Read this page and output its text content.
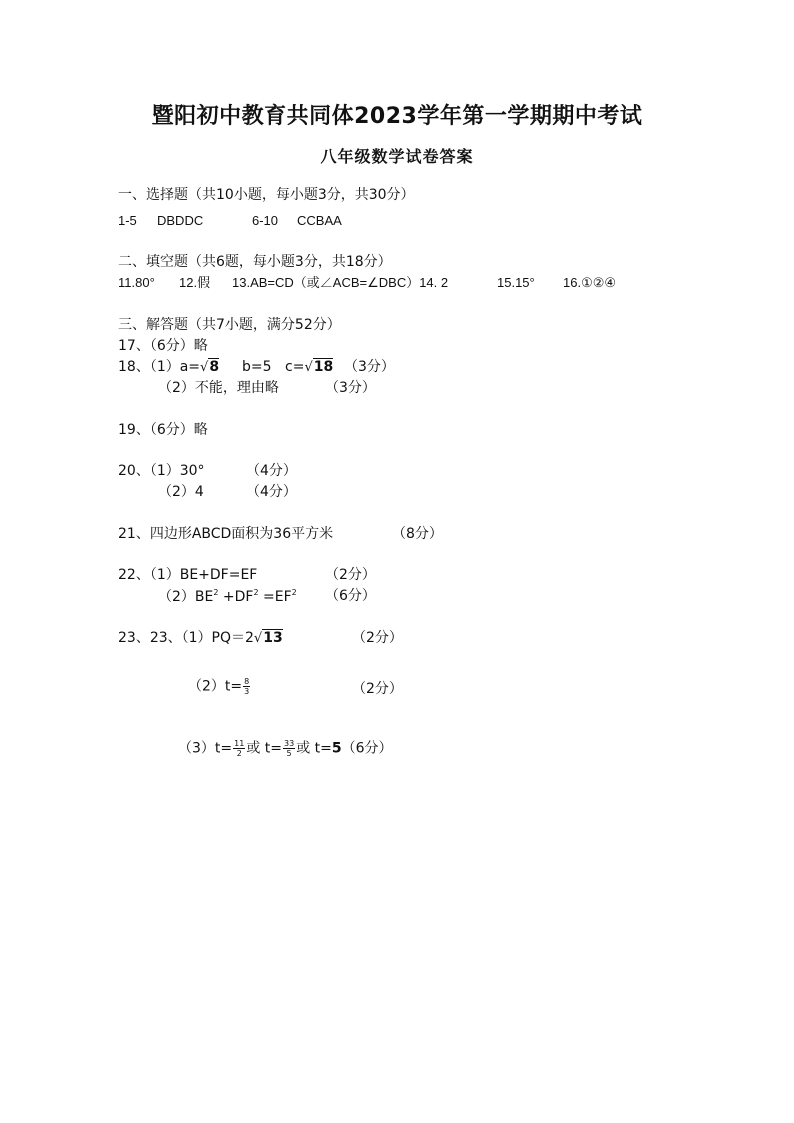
暨阳初中教育共同体2023学年第一学期期中考试
八年级数学试卷答案
一、选择题（共10小题，每小题3分，共30分）
1-5 DBDDC	6-10 CCBAA
二、填空题（共6题，每小题3分，共18分）
11.80° 12.假 13.AB=CD（或∠ACB=∠DBC）14. 2	15.15° 16.①②④
三、解答题（共7小题，满分52分）
17、（6分）略
18、（1）a=√8 b=5 c=√18 （3分）
（2）不能，理由略	（3分）
19、（6分）略
20、（1）30°	（4分）
（2）4	（4分）
21、四边形ABCD面积为36平方米	（8分）
22、（1）BE+DF=EF	（2分）
$(2)BE^2 +DF^2 =EF^2$ （6分）
23、23、（1）PQ＝2√13	（2分）
$(2)t= \frac{8}{3}$	（2分）
$(3)t= \frac{11}{2}$ 或 $t= \frac{33}{5}$ 或 t=5（6分）
